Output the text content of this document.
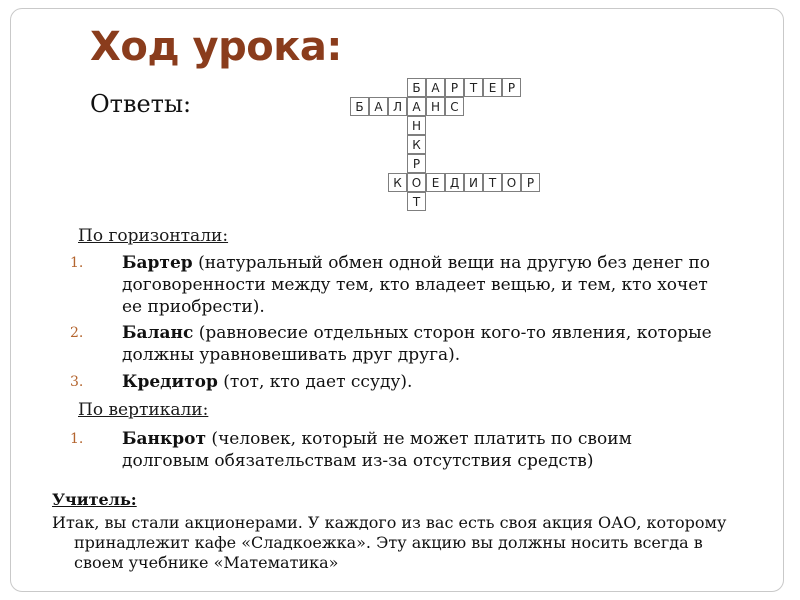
Ход урока:

Ответы:

Б А Р Т Е Р
Б А Л А Н С
К О Е Д И Т О Р
Н
К
Р
Т

По горизонтали:

1. Бартер (натуральный обмен одной вещи на другую без денег по договоренности между тем, кто владеет вещью, и тем, кто хочет ее приобрести).
2. Баланс (равновесие отдельных сторон кого-то явления, которые должны уравновешивать друг друга).
3. Кредитор (тот, кто дает ссуду).

По вертикали:

1. Банкрот (человек, который не может платить по своим долговым обязательствам из-за отсутствия средств)

Учитель:

Итак, вы стали акционерами. У каждого из вас есть своя акция ОАО, которому принадлежит кафе «Сладкоежка». Эту акцию вы должны носить всегда в своем учебнике «Математика»
